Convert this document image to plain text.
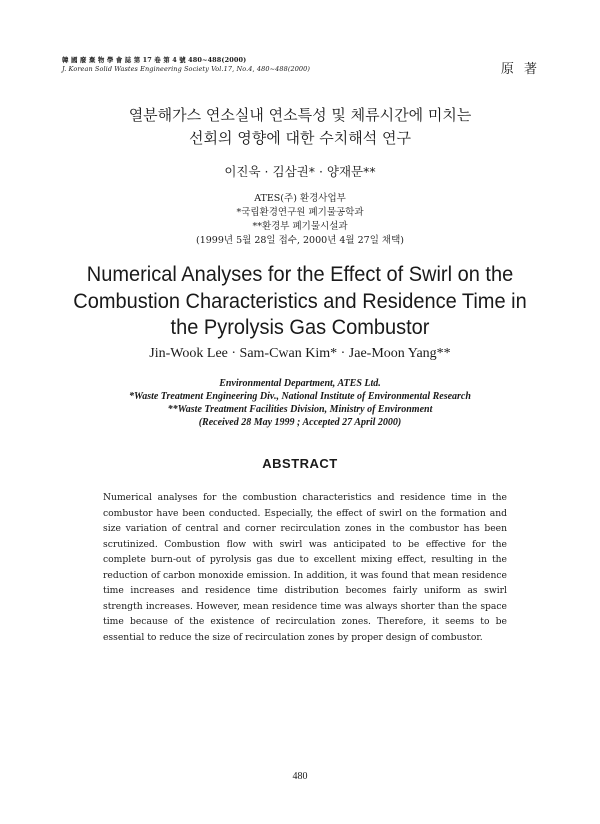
韓 國 廢 棄 物 學 會 誌 第 17 卷 第 4 號 480~488(2000)
J. Korean Solid Wastes Engineering Society Vol.17, No.4, 480~488(2000)	原 著
열분해가스 연소실내 연소특성 및 체류시간에 미치는
선회의 영향에 대한 수치해석 연구
이진욱 · 김삼권* · 양재문**
ATES(주) 환경사업부
*국립환경연구원 폐기물공학과
**환경부 폐기물시설과
(1999년 5월 28일 접수, 2000년 4월 27일 채택)
Numerical Analyses for the Effect of Swirl on the
Combustion Characteristics and Residence Time in
the Pyrolysis Gas Combustor
Jin-Wook Lee · Sam-Cwan Kim* · Jae-Moon Yang**
Environmental Department, ATES Ltd.
*Waste Treatment Engineering Div., National Institute of Environmental Research
**Waste Treatment Facilities Division, Ministry of Environment
(Received 28 May 1999 ; Accepted 27 April 2000)
ABSTRACT
Numerical analyses for the combustion characteristics and residence time in the
combustor have been conducted. Especially, the effect of swirl on the formation and
size variation of central and corner recirculation zones in the combustor has been
scrutinized. Combustion flow with swirl was anticipated to be effective for the
complete burn-out of pyrolysis gas due to excellent mixing effect, resulting in the
reduction of carbon monoxide emission. In addition, it was found that mean residence
time increases and residence time distribution becomes fairly uniform as swirl
strength increases. However, mean residence time was always shorter than the space
time because of the existence of recirculation zones. Therefore, it seems to be
essential to reduce the size of recirculation zones by proper design of combustor.
480
